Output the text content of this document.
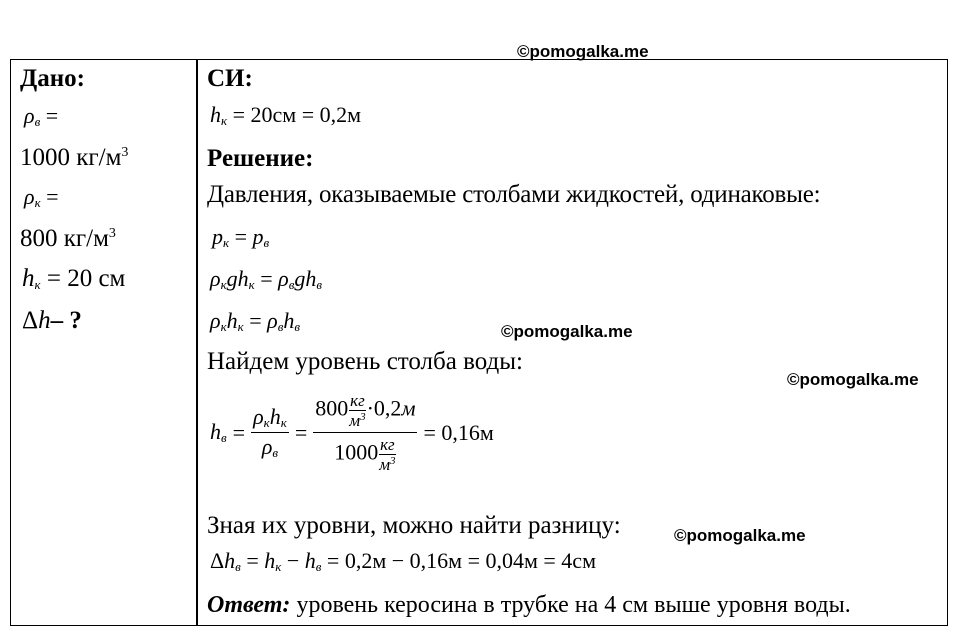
©pomogalka.me
©pomogalka.me
©pomogalka.me
©pomogalka.me
Дано:
$\rho_в$ =
1000 $кг/м^3$
$\rho_к$ =
800 $кг/м^3$
$h_к = 20$ см
Δh– ?
СИ:
$h_к = 20см = 0,2м$
Решение:
Давления, оказываемые столбами жидкостей, одинаковые:
$p_к = p_в$
$\rho_кgh_к = \rho_вgh_в$
$\rho_кh_к = \rho_вh_в$
Найдем уровень столба воды:
$h_в = \frac{\rho_кh_к}{\rho_в} = \frac{800 \frac{кг}{м^3} \cdot 0,2м}{1000 \frac{кг}{м^3}} = 0,16м$
Зная их уровни, можно найти разницу:
$\Delta h_в = h_к - h_в = 0,2м - 0,16м = 0,04м = 4см$
Ответ: уровень керосина в трубке на 4 см выше уровня воды.
